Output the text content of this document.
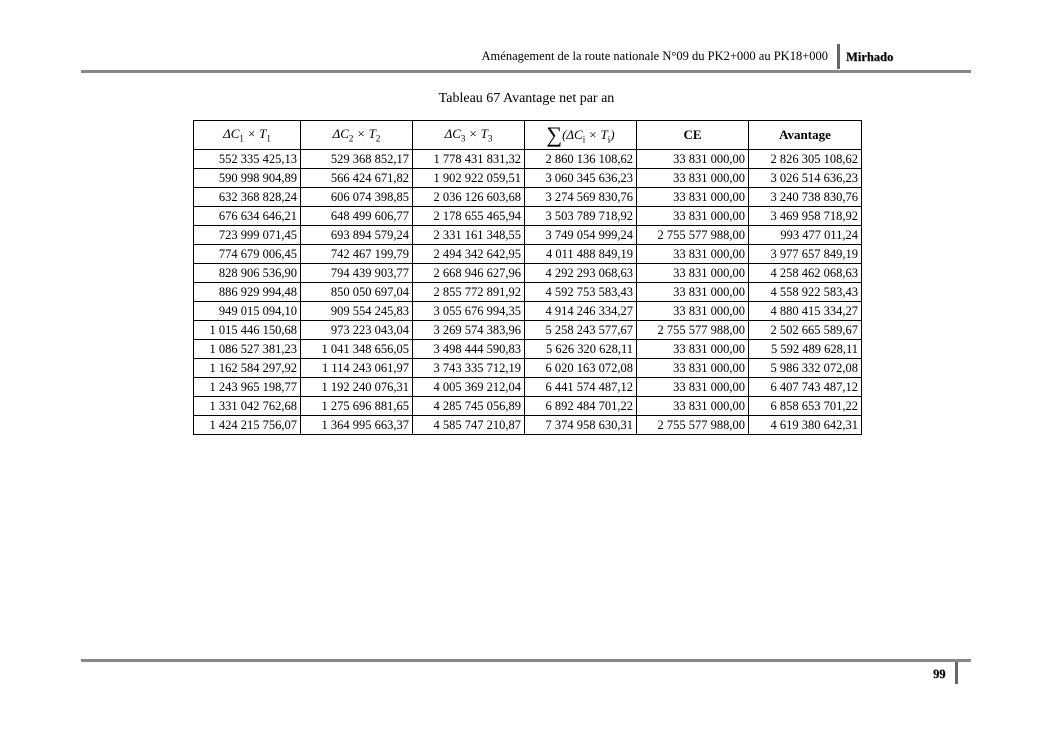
Aménagement de la route nationale N°09 du PK2+000 au PK18+000 Mirhado
Tableau 67 Avantage net par an
$\Delta C_1 \times T_1$	$\Delta C_2 \times T_2$	$\Delta C_3 \times T_3$	$\sum(\Delta C_i \times T_i)$	CE	Avantage
552 335 425,13	529 368 852,17	1 778 431 831,32	2 860 136 108,62	33 831 000,00	2 826 305 108,62
590 998 904,89	566 424 671,82	1 902 922 059,51	3 060 345 636,23	33 831 000,00	3 026 514 636,23
632 368 828,24	606 074 398,85	2 036 126 603,68	3 274 569 830,76	33 831 000,00	3 240 738 830,76
676 634 646,21	648 499 606,77	2 178 655 465,94	3 503 789 718,92	33 831 000,00	3 469 958 718,92
723 999 071,45	693 894 579,24	2 331 161 348,55	3 749 054 999,24	2 755 577 988,00	993 477 011,24
774 679 006,45	742 467 199,79	2 494 342 642,95	4 011 488 849,19	33 831 000,00	3 977 657 849,19
828 906 536,90	794 439 903,77	2 668 946 627,96	4 292 293 068,63	33 831 000,00	4 258 462 068,63
886 929 994,48	850 050 697,04	2 855 772 891,92	4 592 753 583,43	33 831 000,00	4 558 922 583,43
949 015 094,10	909 554 245,83	3 055 676 994,35	4 914 246 334,27	33 831 000,00	4 880 415 334,27
1 015 446 150,68	973 223 043,04	3 269 574 383,96	5 258 243 577,67	2 755 577 988,00	2 502 665 589,67
1 086 527 381,23	1 041 348 656,05	3 498 444 590,83	5 626 320 628,11	33 831 000,00	5 592 489 628,11
1 162 584 297,92	1 114 243 061,97	3 743 335 712,19	6 020 163 072,08	33 831 000,00	5 986 332 072,08
1 243 965 198,77	1 192 240 076,31	4 005 369 212,04	6 441 574 487,12	33 831 000,00	6 407 743 487,12
1 331 042 762,68	1 275 696 881,65	4 285 745 056,89	6 892 484 701,22	33 831 000,00	6 858 653 701,22
1 424 215 756,07	1 364 995 663,37	4 585 747 210,87	7 374 958 630,31	2 755 577 988,00	4 619 380 642,31
99
